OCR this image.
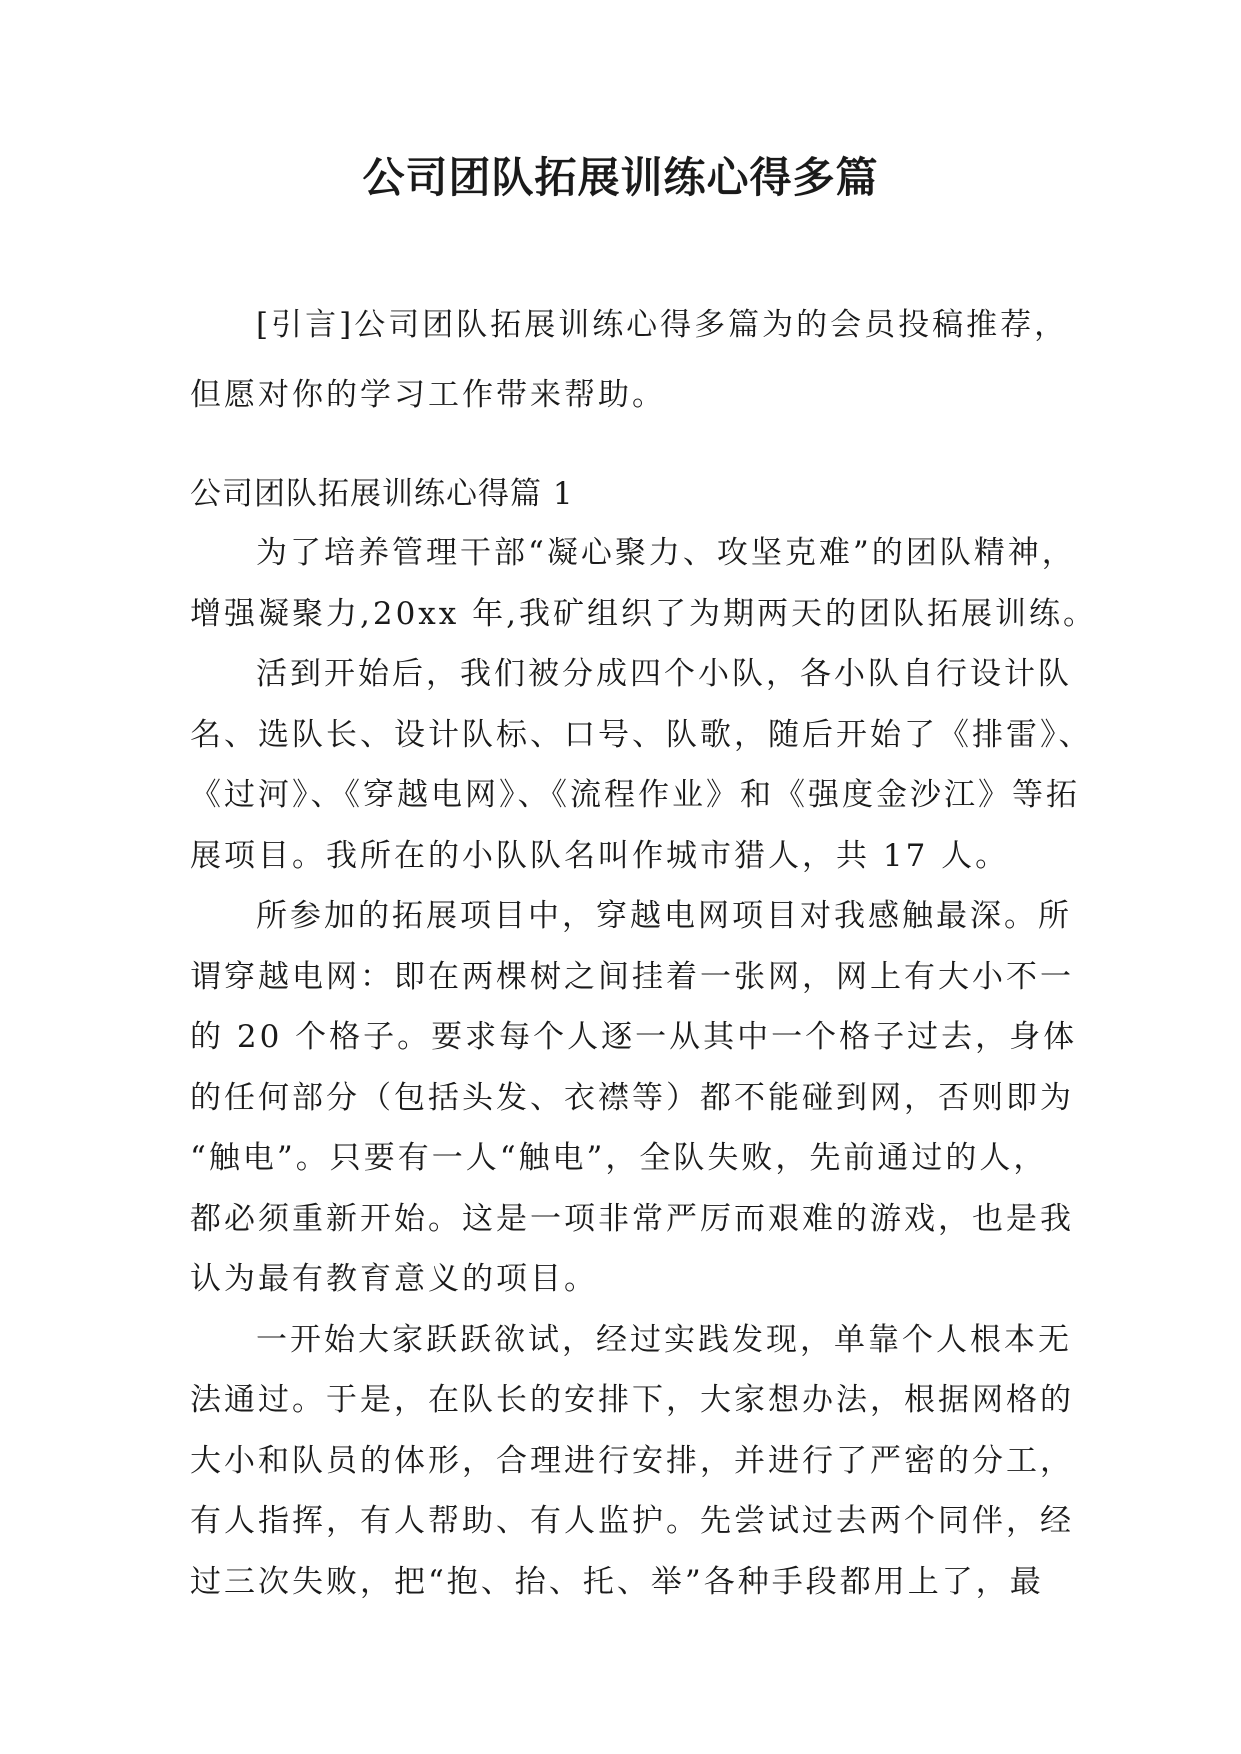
公司团队拓展训练心得多篇
[引言]公司团队拓展训练心得多篇为的会员投稿推荐，
但愿对你的学习工作带来帮助。
公司团队拓展训练心得篇 1
为了培养管理干部“凝心聚力、攻坚克难”的团队精神，
增强凝聚力,20xx 年,我矿组织了为期两天的团队拓展训练。
活到开始后，我们被分成四个小队，各小队自行设计队
名、选队长、设计队标、口号、队歌，随后开始了《排雷》、
《过河》、《穿越电网》、《流程作业》和《强度金沙江》等拓
展项目。我所在的小队队名叫作城市猎人，共 17 人。
所参加的拓展项目中，穿越电网项目对我感触最深。所
谓穿越电网：即在两棵树之间挂着一张网，网上有大小不一
的 20 个格子。要求每个人逐一从其中一个格子过去，身体
的任何部分（包括头发、衣襟等）都不能碰到网，否则即为
“触电”。只要有一人“触电”，全队失败，先前通过的人，
都必须重新开始。这是一项非常严厉而艰难的游戏，也是我
认为最有教育意义的项目。
一开始大家跃跃欲试，经过实践发现，单靠个人根本无
法通过。于是，在队长的安排下，大家想办法，根据网格的
大小和队员的体形，合理进行安排，并进行了严密的分工，
有人指挥，有人帮助、有人监护。先尝试过去两个同伴，经
过三次失败，把“抱、抬、托、举”各种手段都用上了，最
